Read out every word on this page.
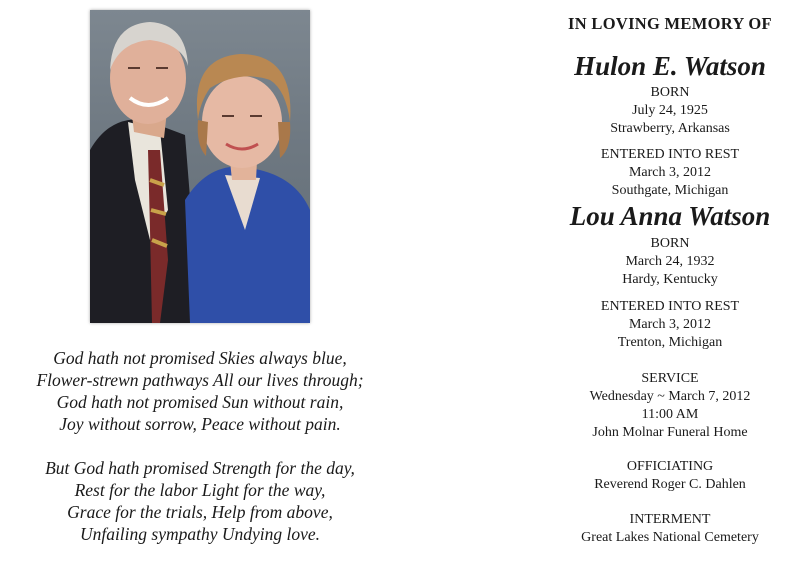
God hath not promised Skies always blue,
Flower-strewn pathways All our lives through;
God hath not promised Sun without rain,
Joy without sorrow, Peace without pain.

But God hath promised Strength for the day,
Rest for the labor Light for the way,
Grace for the trials, Help from above,
Unfailing sympathy Undying love.

IN LOVING MEMORY OF
Hulon E. Watson
BORN
July 24, 1925
Strawberry, Arkansas
ENTERED INTO REST
March 3, 2012
Southgate, Michigan
Lou Anna Watson
BORN
March 24, 1932
Hardy, Kentucky
ENTERED INTO REST
March 3, 2012
Trenton, Michigan
SERVICE
Wednesday ~ March 7, 2012
11:00 AM
John Molnar Funeral Home
OFFICIATING
Reverend Roger C. Dahlen
INTERMENT
Great Lakes National Cemetery
